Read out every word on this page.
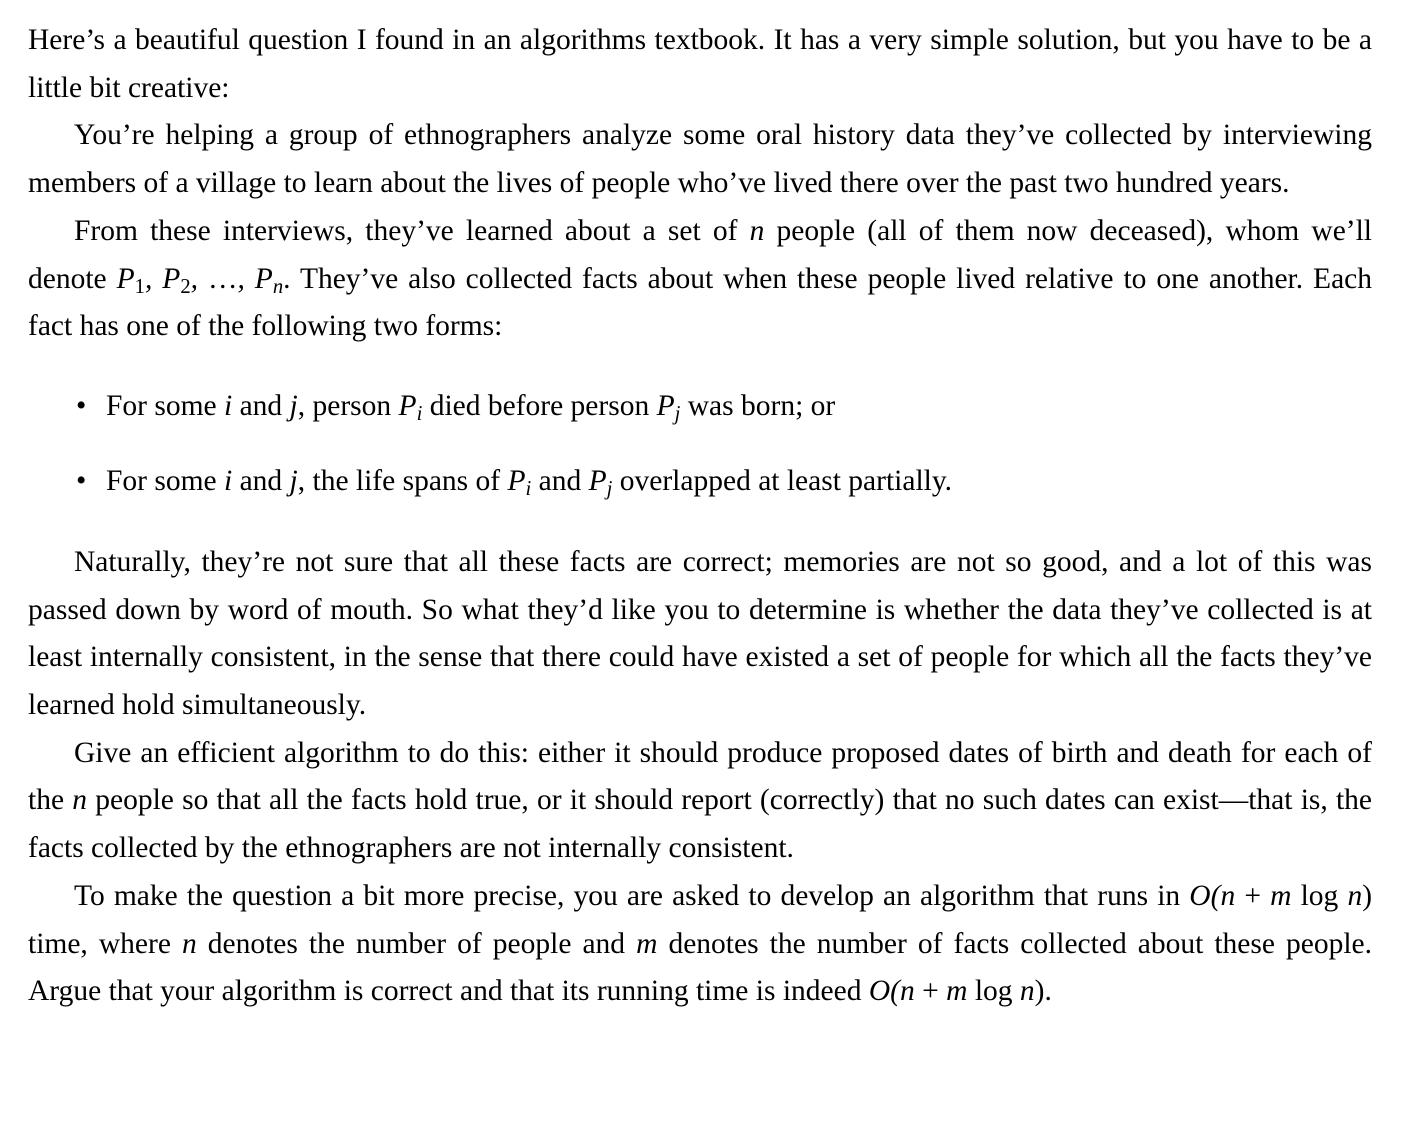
Here’s a beautiful question I found in an algorithms textbook. It has a very simple solution, but you have to be a little bit creative:

You’re helping a group of ethnographers analyze some oral history data they’ve collected by interviewing members of a village to learn about the lives of people who’ve lived there over the past two hundred years.

From these interviews, they’ve learned about a set of n people (all of them now deceased), whom we’ll denote $P_1$, $P_2$, …, $P_n$. They’ve also collected facts about when these people lived relative to one another. Each fact has one of the following two forms:

• For some i and j, person $P_i$ died before person $P_j$ was born; or
• For some i and j, the life spans of $P_i$ and $P_j$ overlapped at least partially.

Naturally, they’re not sure that all these facts are correct; memories are not so good, and a lot of this was passed down by word of mouth. So what they’d like you to determine is whether the data they’ve collected is at least internally consistent, in the sense that there could have existed a set of people for which all the facts they’ve learned hold simultaneously.

Give an efficient algorithm to do this: either it should produce proposed dates of birth and death for each of the n people so that all the facts hold true, or it should report (correctly) that no such dates can exist—that is, the facts collected by the ethnographers are not internally consistent.

To make the question a bit more precise, you are asked to develop an algorithm that runs in O(n + m log n) time, where n denotes the number of people and m denotes the number of facts collected about these people. Argue that your algorithm is correct and that its running time is indeed O(n + m log n).
